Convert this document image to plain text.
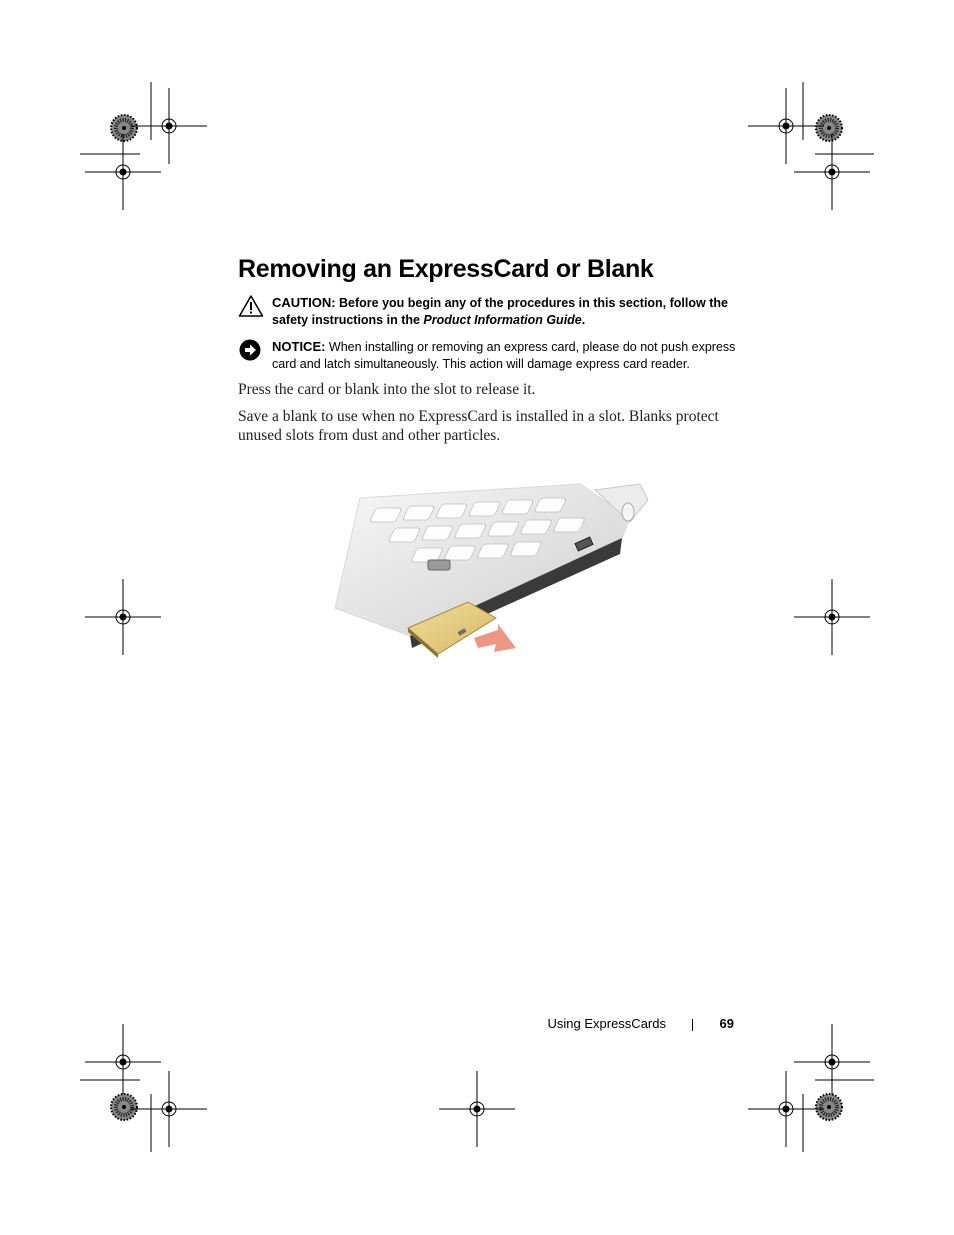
Removing an ExpressCard or Blank
CAUTION: Before you begin any of the procedures in this section, follow the safety instructions in the Product Information Guide.
NOTICE: When installing or removing an express card, please do not push express card and latch simultaneously. This action will damage express card reader.

Press the card or blank into the slot to release it.

Save a blank to use when no ExpressCard is installed in a slot. Blanks protect unused slots from dust and other particles.

Using ExpressCards	69
